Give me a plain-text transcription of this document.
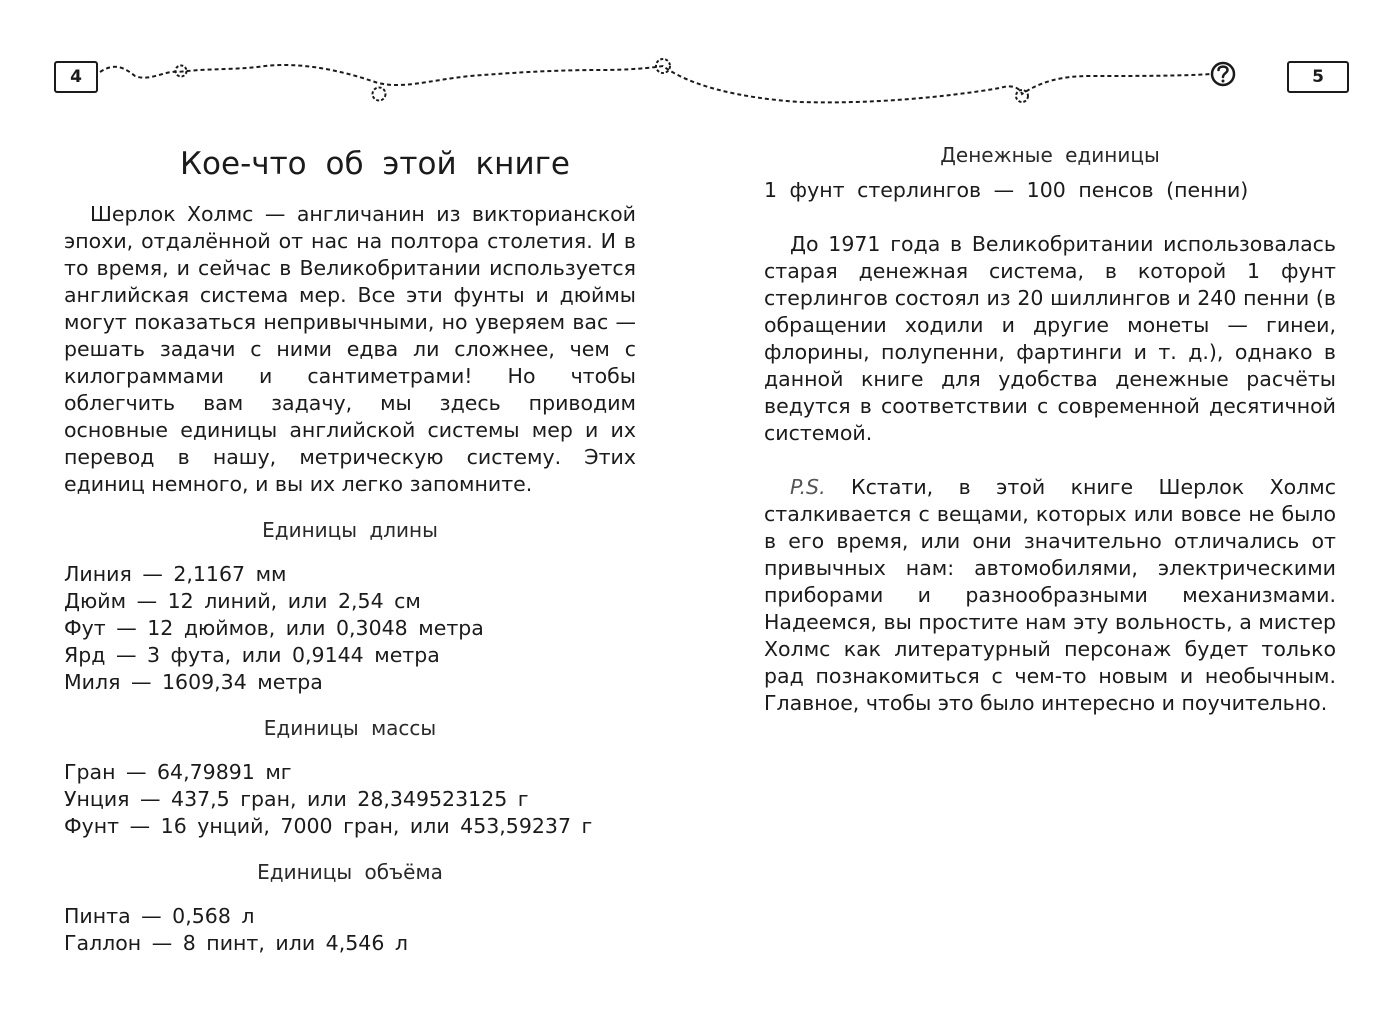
4	5
Кое-что об этой книге

Шерлок Холмс — англичанин из викторианской эпохи, отдалённой от нас на полтора столетия. И в то время, и сейчас в Великобритании используется английская система мер. Все эти фунты и дюймы могут показаться непривычными, но уверяем вас — решать задачи с ними едва ли сложнее, чем с килограммами и сантиметрами! Но чтобы облегчить вам задачу, мы здесь приводим основные единицы английской системы мер и их перевод в нашу, метрическую систему. Этих единиц немного, и вы их легко запомните.

Единицы длины
Линия — 2,1167 мм
Дюйм — 12 линий, или 2,54 см
Фут — 12 дюймов, или 0,3048 метра
Ярд — 3 фута, или 0,9144 метра
Миля — 1609,34 метра
Единицы массы
Гран — 64,79891 мг
Унция — 437,5 гран, или 28,349523125 г
Фунт — 16 унций, 7000 гран, или 453,59237 г
Единицы объёма
Пинта — 0,568 л
Галлон — 8 пинт, или 4,546 л
Денежные единицы
1 фунт стерлингов — 100 пенсов (пенни)

До 1971 года в Великобритании использовалась старая денежная система, в которой 1 фунт стерлингов состоял из 20 шиллингов и 240 пенни (в обращении ходили и другие монеты — гинеи, флорины, полупенни, фартинги и т. д.), однако в данной книге для удобства денежные расчёты ведутся в соответствии с современной десятичной системой.

P.S. Кстати, в этой книге Шерлок Холмс сталкивается с вещами, которых или вовсе не было в его время, или они значительно отличались от привычных нам: автомобилями, электрическими приборами и разнообразными механизмами. Надеемся, вы простите нам эту вольность, а мистер Холмс как литературный персонаж будет только рад познакомиться с чем-то новым и необычным. Главное, чтобы это было интересно и поучительно.
